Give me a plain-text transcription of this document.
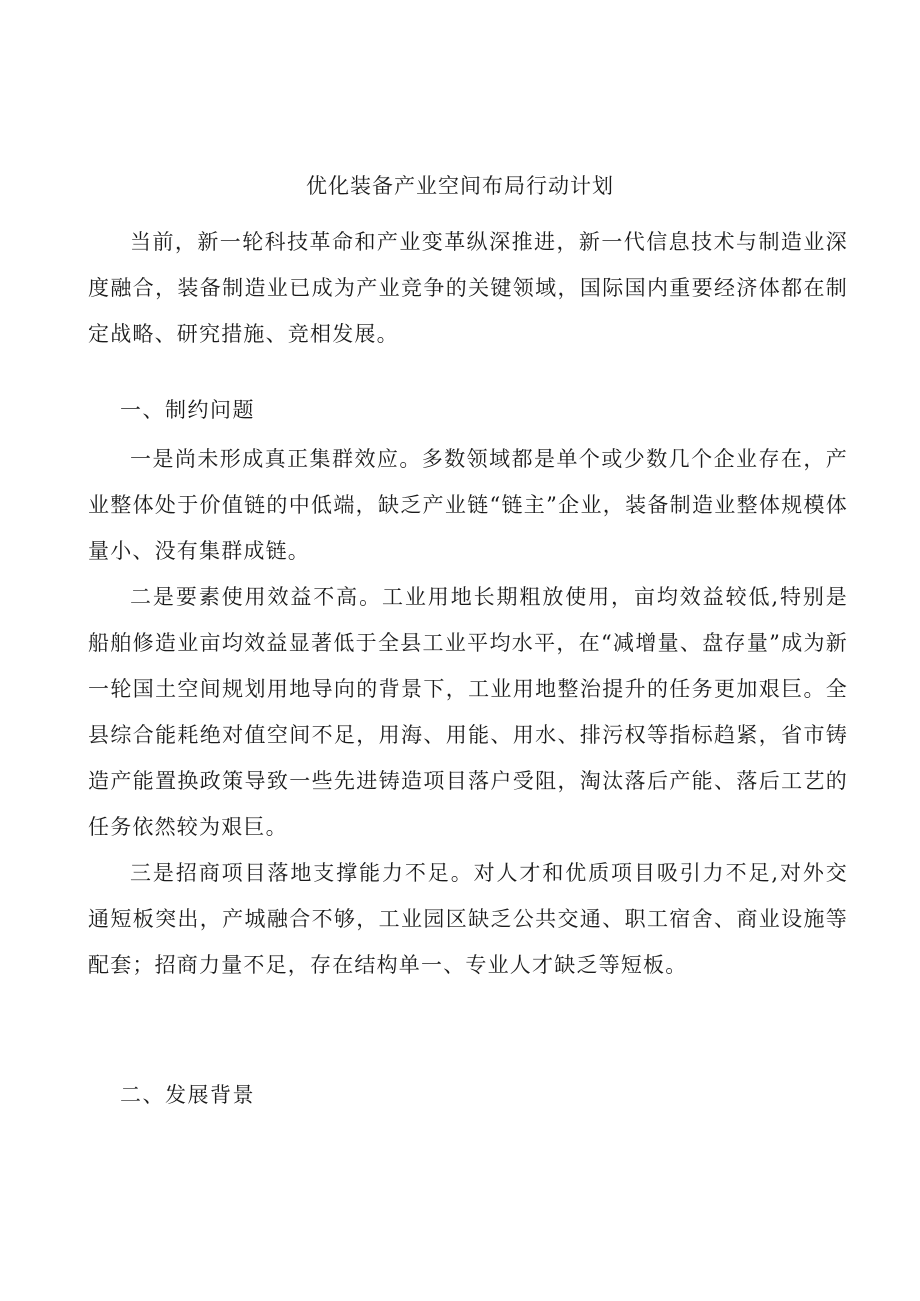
优化装备产业空间布局行动计划

当前，新一轮科技革命和产业变革纵深推进，新一代信息技术与制造业深度融合，装备制造业已成为产业竞争的关键领域，国际国内重要经济体都在制定战略、研究措施、竞相发展。

一、制约问题

一是尚未形成真正集群效应。多数领域都是单个或少数几个企业存在，产业整体处于价值链的中低端，缺乏产业链“链主”企业，装备制造业整体规模体量小、没有集群成链。

二是要素使用效益不高。工业用地长期粗放使用，亩均效益较低,特别是船舶修造业亩均效益显著低于全县工业平均水平，在“减增量、盘存量”成为新一轮国土空间规划用地导向的背景下，工业用地整治提升的任务更加艰巨。全县综合能耗绝对值空间不足，用海、用能、用水、排污权等指标趋紧，省市铸造产能置换政策导致一些先进铸造项目落户受阻，淘汰落后产能、落后工艺的任务依然较为艰巨。

三是招商项目落地支撑能力不足。对人才和优质项目吸引力不足,对外交通短板突出，产城融合不够，工业园区缺乏公共交通、职工宿舍、商业设施等配套；招商力量不足，存在结构单一、专业人才缺乏等短板。

二、发展背景
